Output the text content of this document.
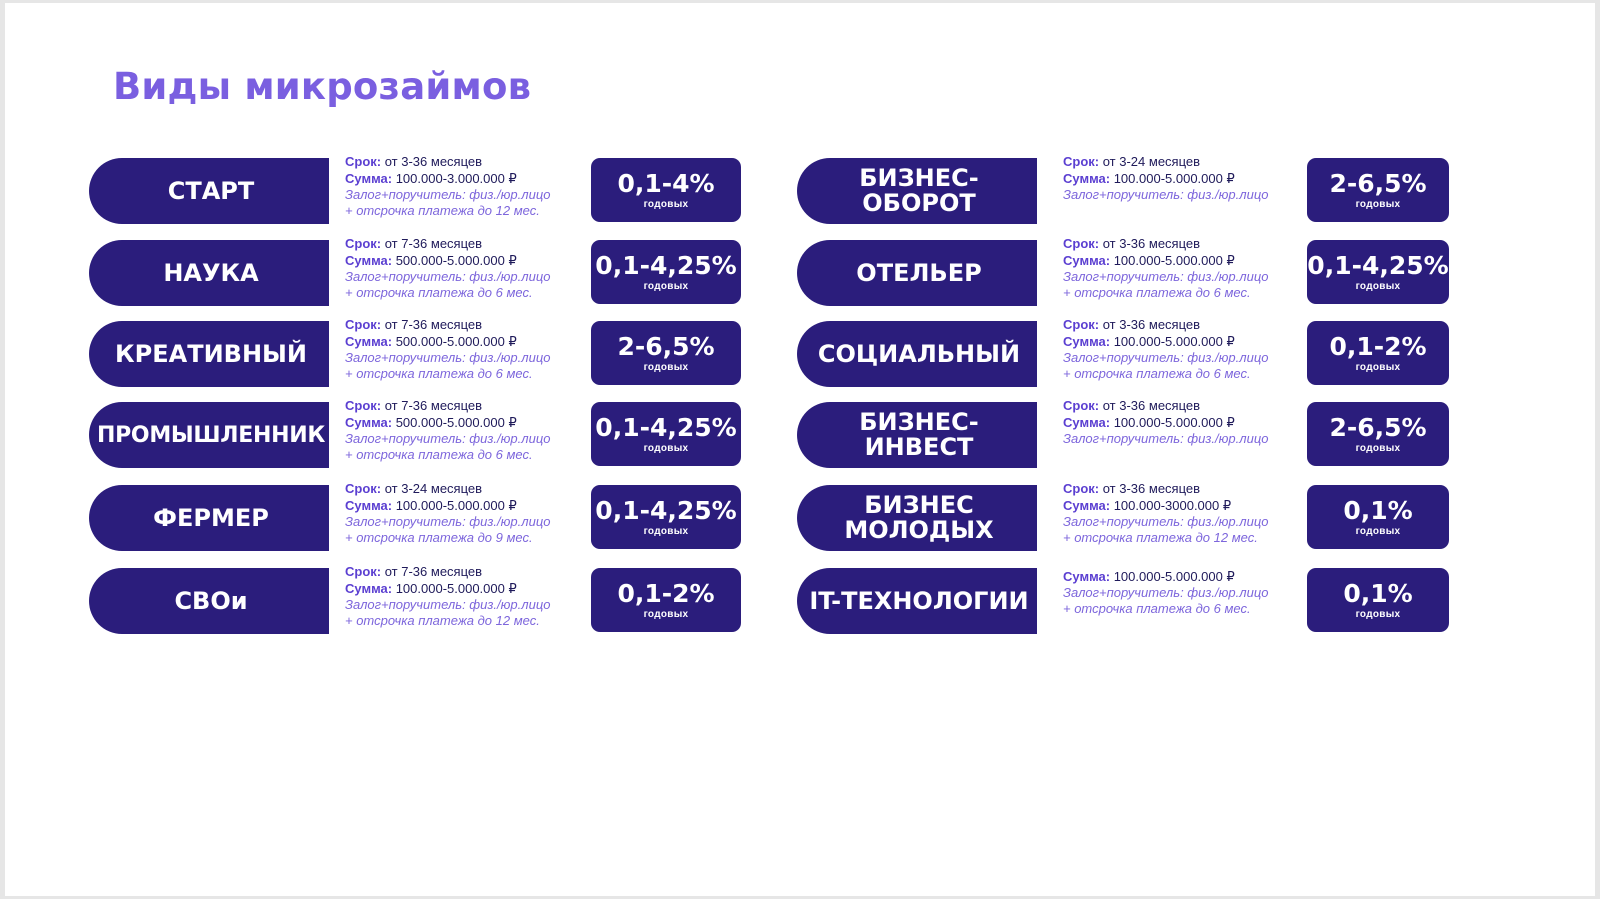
Виды микрозаймов
СТАРТ
Срок: от 3-36 месяцев
Сумма: 100.000-3.000.000 ₽
Залог+поручитель: физ./юр.лицо
+ отсрочка платежа до 12 мес.
0,1-4%
годовых
НАУКА
Срок: от 7-36 месяцев
Сумма: 500.000-5.000.000 ₽
Залог+поручитель: физ./юр.лицо
+ отсрочка платежа до 6 мес.
0,1-4,25%
годовых
КРЕАТИВНЫЙ
Срок: от 7-36 месяцев
Сумма: 500.000-5.000.000 ₽
Залог+поручитель: физ./юр.лицо
+ отсрочка платежа до 6 мес.
2-6,5%
годовых
ПРОМЫШЛЕННИК
Срок: от 7-36 месяцев
Сумма: 500.000-5.000.000 ₽
Залог+поручитель: физ./юр.лицо
+ отсрочка платежа до 6 мес.
0,1-4,25%
годовых
ФЕРМЕР
Срок: от 3-24 месяцев
Сумма: 100.000-5.000.000 ₽
Залог+поручитель: физ./юр.лицо
+ отсрочка платежа до 9 мес.
0,1-4,25%
годовых
СВОи
Срок: от 7-36 месяцев
Сумма: 100.000-5.000.000 ₽
Залог+поручитель: физ./юр.лицо
+ отсрочка платежа до 12 мес.
0,1-2%
годовых
БИЗНЕС-ОБОРОТ
Срок: от 3-24 месяцев
Сумма: 100.000-5.000.000 ₽
Залог+поручитель: физ./юр.лицо	2-6,5%
годовых
ОТЕЛЬЕР
Срок: от 3-36 месяцев
Сумма: 100.000-5.000.000 ₽
Залог+поручитель: физ./юр.лицо
+ отсрочка платежа до 6 мес.
0,1-4,25%
годовых
СОЦИАЛЬНЫЙ
Срок: от 3-36 месяцев
Сумма: 100.000-5.000.000 ₽
Залог+поручитель: физ./юр.лицо
+ отсрочка платежа до 6 мес.
0,1-2%
годовых
БИЗНЕС-ИНВЕСТ
Срок: от 3-36 месяцев
Сумма: 100.000-5.000.000 ₽
Залог+поручитель: физ./юр.лицо	2-6,5%
годовых
БИЗНЕС
МОЛОДЫХ
Срок: от 3-36 месяцев
Сумма: 100.000-3000.000 ₽
Залог+поручитель: физ./юр.лицо
+ отсрочка платежа до 12 мес.
0,1%
годовых
IT-ТЕХНОЛОГИИ
Сумма: 100.000-5.000.000 ₽
Залог+поручитель: физ./юр.лицо
+ отсрочка платежа до 6 мес.
0,1%
годовых
